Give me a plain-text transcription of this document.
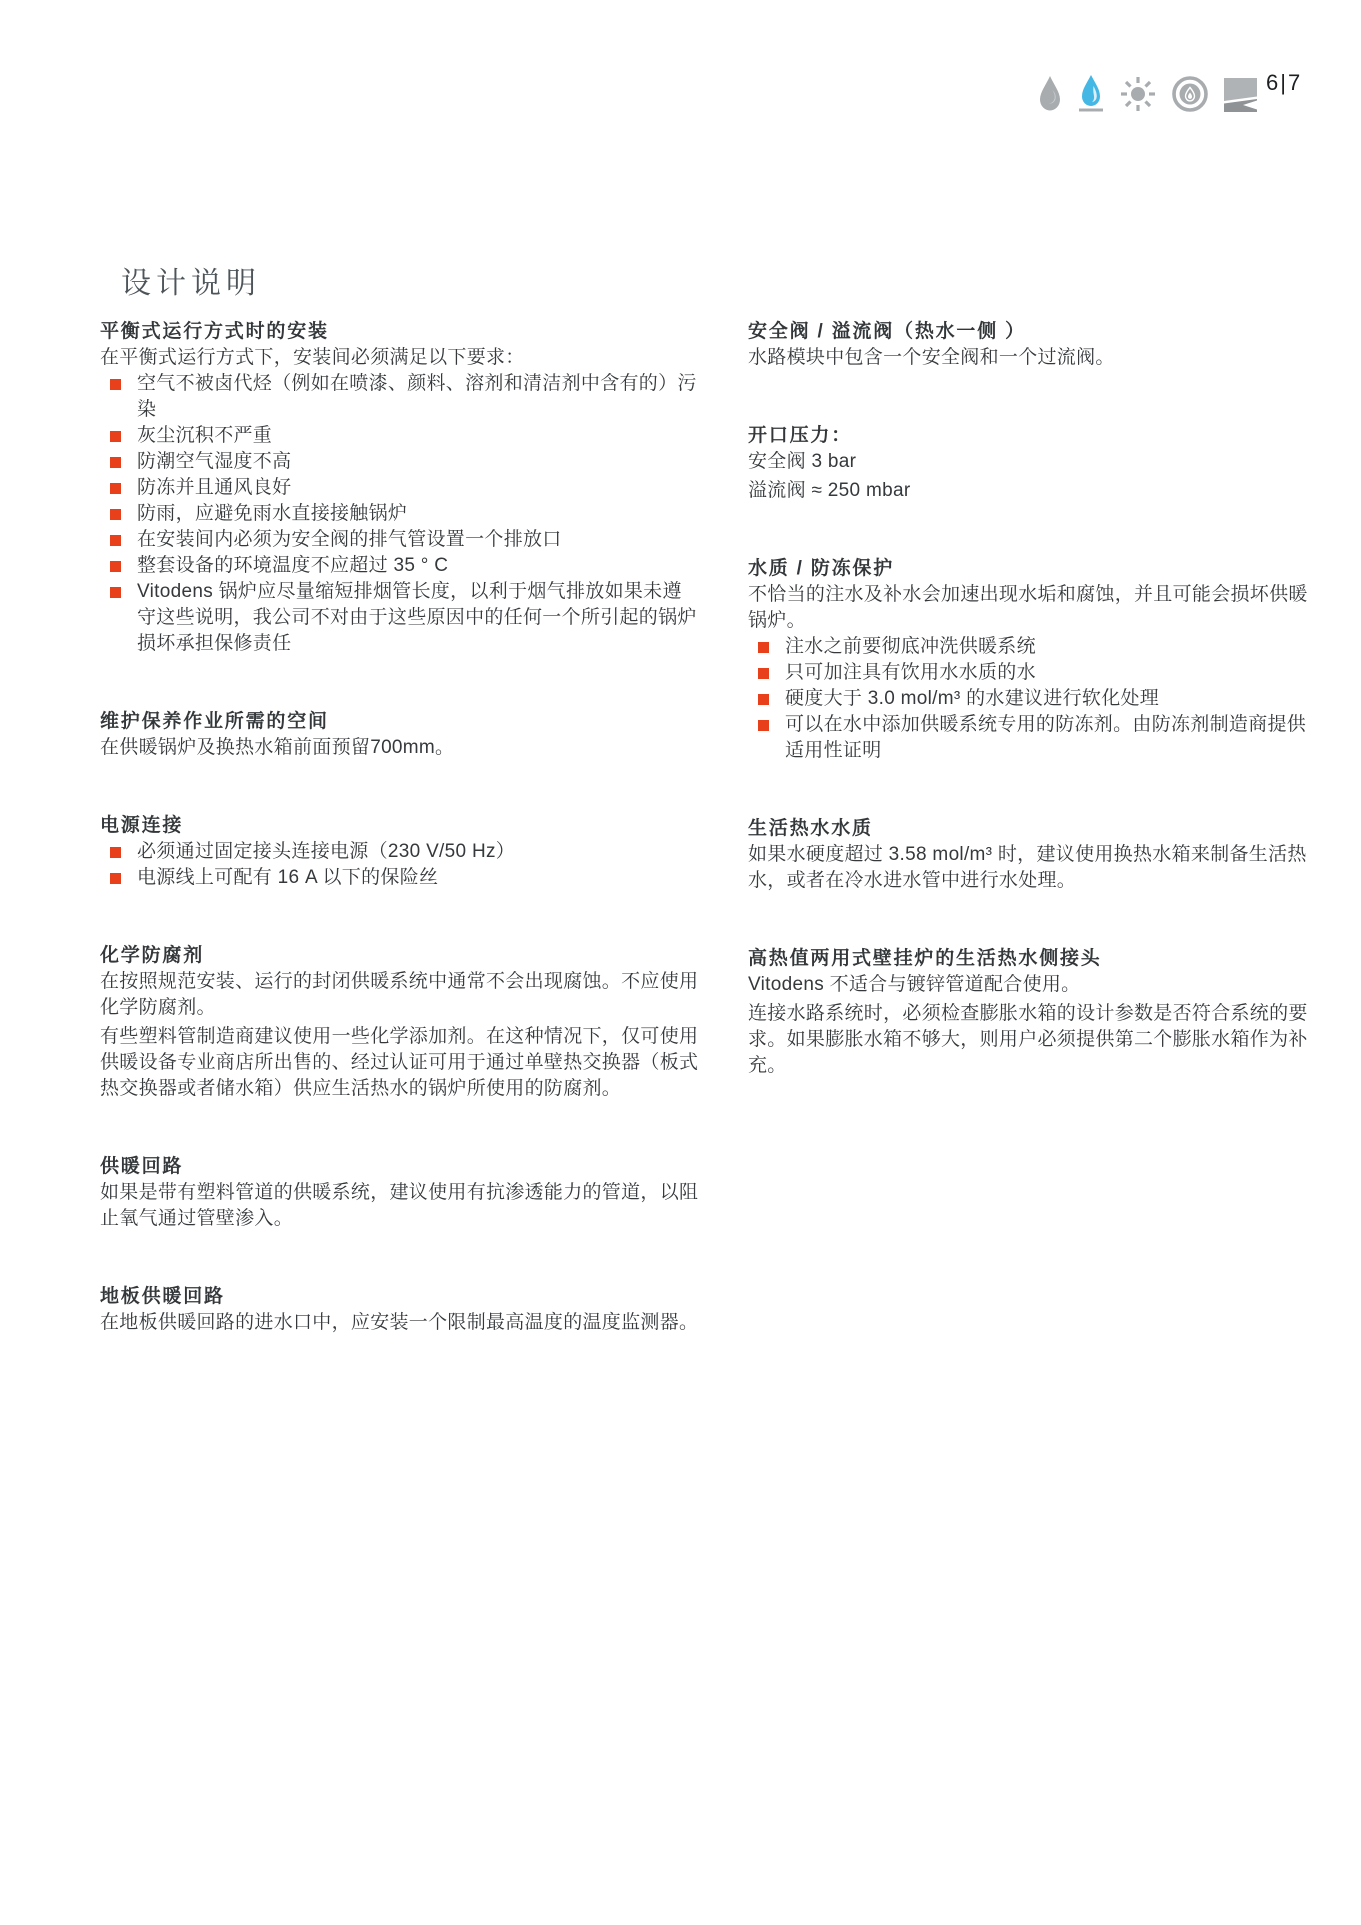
6|7
设计说明
平衡式运行方式时的安装

在平衡式运行方式下，安装间必须满足以下要求：

空气不被卤代烃（例如在喷漆、颜料、溶剂和清洁剂中含有的）污染
灰尘沉积不严重
防潮空气湿度不高
防冻并且通风良好
防雨，应避免雨水直接接触锅炉
在安装间内必须为安全阀的排气管设置一个排放口
整套设备的环境温度不应超过 35 ° C
Vitodens 锅炉应尽量缩短排烟管长度，以利于烟气排放如果未遵守这些说明，我公司不对由于这些原因中的任何一个所引起的锅炉损坏承担保修责任
维护保养作业所需的空间

在供暖锅炉及换热水箱前面预留700mm。

电源连接
必须通过固定接头连接电源（230 V/50 Hz）
电源线上可配有 16 A 以下的保险丝
化学防腐剂

在按照规范安装、运行的封闭供暖系统中通常不会出现腐蚀。不应使用化学防腐剂。

有些塑料管制造商建议使用一些化学添加剂。在这种情况下，仅可使用供暖设备专业商店所出售的、经过认证可用于通过单壁热交换器（板式热交换器或者储水箱）供应生活热水的锅炉所使用的防腐剂。

供暖回路

如果是带有塑料管道的供暖系统，建议使用有抗渗透能力的管道，以阻止氧气通过管壁渗入。

地板供暖回路

在地板供暖回路的进水口中，应安装一个限制最高温度的温度监测器。

安全阀 / 溢流阀（热水一侧 ）

水路模块中包含一个安全阀和一个过流阀。

开口压力：

安全阀 3 bar

溢流阀 ≈ 250 mbar

水质 / 防冻保护

不恰当的注水及补水会加速出现水垢和腐蚀，并且可能会损坏供暖锅炉。

注水之前要彻底冲洗供暖系统
只可加注具有饮用水水质的水
硬度大于 3.0 mol/m³ 的水建议进行软化处理
可以在水中添加供暖系统专用的防冻剂。由防冻剂制造商提供适用性证明
生活热水水质

如果水硬度超过 3.58 mol/m³ 时，建议使用换热水箱来制备生活热水，或者在冷水进水管中进行水处理。

高热值两用式壁挂炉的生活热水侧接头

Vitodens 不适合与镀锌管道配合使用。

连接水路系统时，必须检查膨胀水箱的设计参数是否符合系统的要求。如果膨胀水箱不够大，则用户必须提供第二个膨胀水箱作为补充。
